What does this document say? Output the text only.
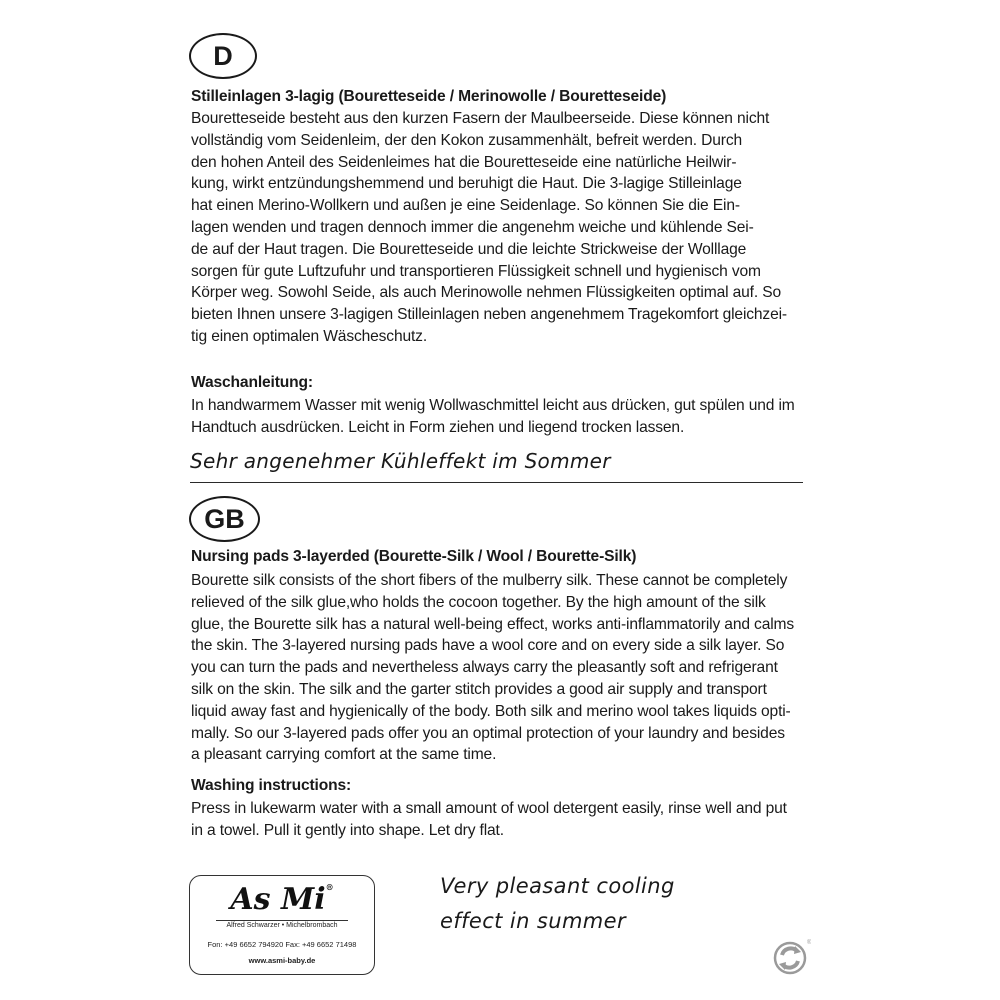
D
Stilleinlagen 3-lagig (Bouretteseide / Merinowolle / Bouretteseide)
Bouretteseide besteht aus den kurzen Fasern der Maulbeerseide. Diese können nicht
vollständig vom Seidenleim, der den Kokon zusammenhält, befreit werden. Durch
den hohen Anteil des Seidenleimes hat die Bouretteseide eine natürliche Heilwir-
kung, wirkt entzündungshemmend und beruhigt die Haut. Die 3-lagige Stilleinlage
hat einen Merino-Wollkern und außen je eine Seidenlage. So können Sie die Ein-
lagen wenden und tragen dennoch immer die angenehm weiche und kühlende Sei-
de auf der Haut tragen. Die Bouretteseide und die leichte Strickweise der Wolllage
sorgen für gute Luftzufuhr und transportieren Flüssigkeit schnell und hygienisch vom
Körper weg. Sowohl Seide, als auch Merinowolle nehmen Flüssigkeiten optimal auf. So
bieten Ihnen unsere 3-lagigen Stilleinlagen neben angenehmem Tragekomfort gleichzei-
tig einen optimalen Wäscheschutz.
Waschanleitung:
In handwarmem Wasser mit wenig Wollwaschmittel leicht aus drücken, gut spülen und im
Handtuch ausdrücken. Leicht in Form ziehen und liegend trocken lassen.
Sehr angenehmer Kühleffekt im Sommer
GB
Nursing pads 3-layerded (Bourette-Silk / Wool / Bourette-Silk)
Bourette silk consists of the short fibers of the mulberry silk. These cannot be completely
relieved of the silk glue,who holds the cocoon together. By the high amount of the silk
glue, the Bourette silk has a natural well-being effect, works anti-inflammatorily and calms
the skin. The 3-layered nursing pads have a wool core and on every side a silk layer. So
you can turn the pads and nevertheless always carry the pleasantly soft and refrigerant
silk on the skin. The silk and the garter stitch provides a good air supply and transport
liquid away fast and hygienically of the body. Both silk and merino wool takes liquids opti-
mally. So our 3-layered pads offer you an optimal protection of your laundry and besides
a pleasant carrying comfort at the same time.
Washing instructions:
Press in lukewarm water with a small amount of wool detergent easily, rinse well and put
in a towel. Pull it gently into shape. Let dry flat.
As Mi®
Alfred Schwarzer • Michelbrombach
Fon: +49 6652 794920 Fax: +49 6652 71498
www.asmi-baby.de
Very pleasant cooling
effect in summer
®
